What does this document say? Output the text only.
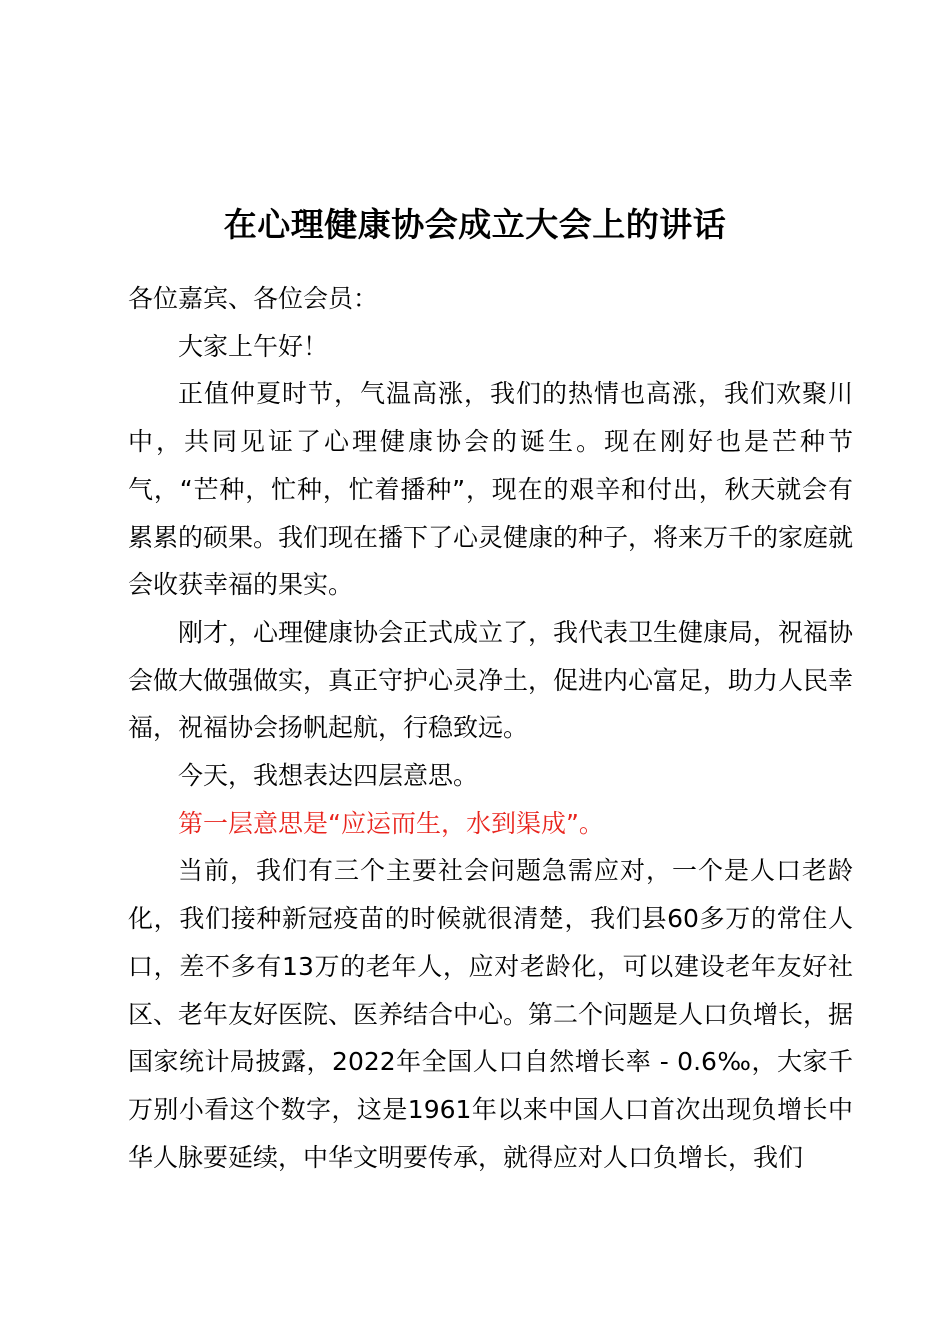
在心理健康协会成立大会上的讲话

各位嘉宾、各位会员：

大家上午好！

正值仲夏时节，气温高涨，我们的热情也高涨，我们欢聚川中，共同见证了心理健康协会的诞生。现在刚好也是芒种节气，“芒种，忙种，忙着播种”，现在的艰辛和付出，秋天就会有累累的硕果。我们现在播下了心灵健康的种子，将来万千的家庭就会收获幸福的果实。

刚才，心理健康协会正式成立了，我代表卫生健康局，祝福协会做大做强做实，真正守护心灵净土，促进内心富足，助力人民幸福，祝福协会扬帆起航，行稳致远。

今天，我想表达四层意思。

第一层意思是“应运而生，水到渠成”。

当前，我们有三个主要社会问题急需应对，一个是人口老龄化，我们接种新冠疫苗的时候就很清楚，我们县60多万的常住人口，差不多有13万的老年人，应对老龄化，可以建设老年友好社区、老年友好医院、医养结合中心。第二个问题是人口负增长，据国家统计局披露，2022年全国人口自然增长率 - 0.6‰，大家千万别小看这个数字，这是1961年以来中国人口首次出现负增长中华人脉要延续，中华文明要传承，就得应对人口负增长，我们
